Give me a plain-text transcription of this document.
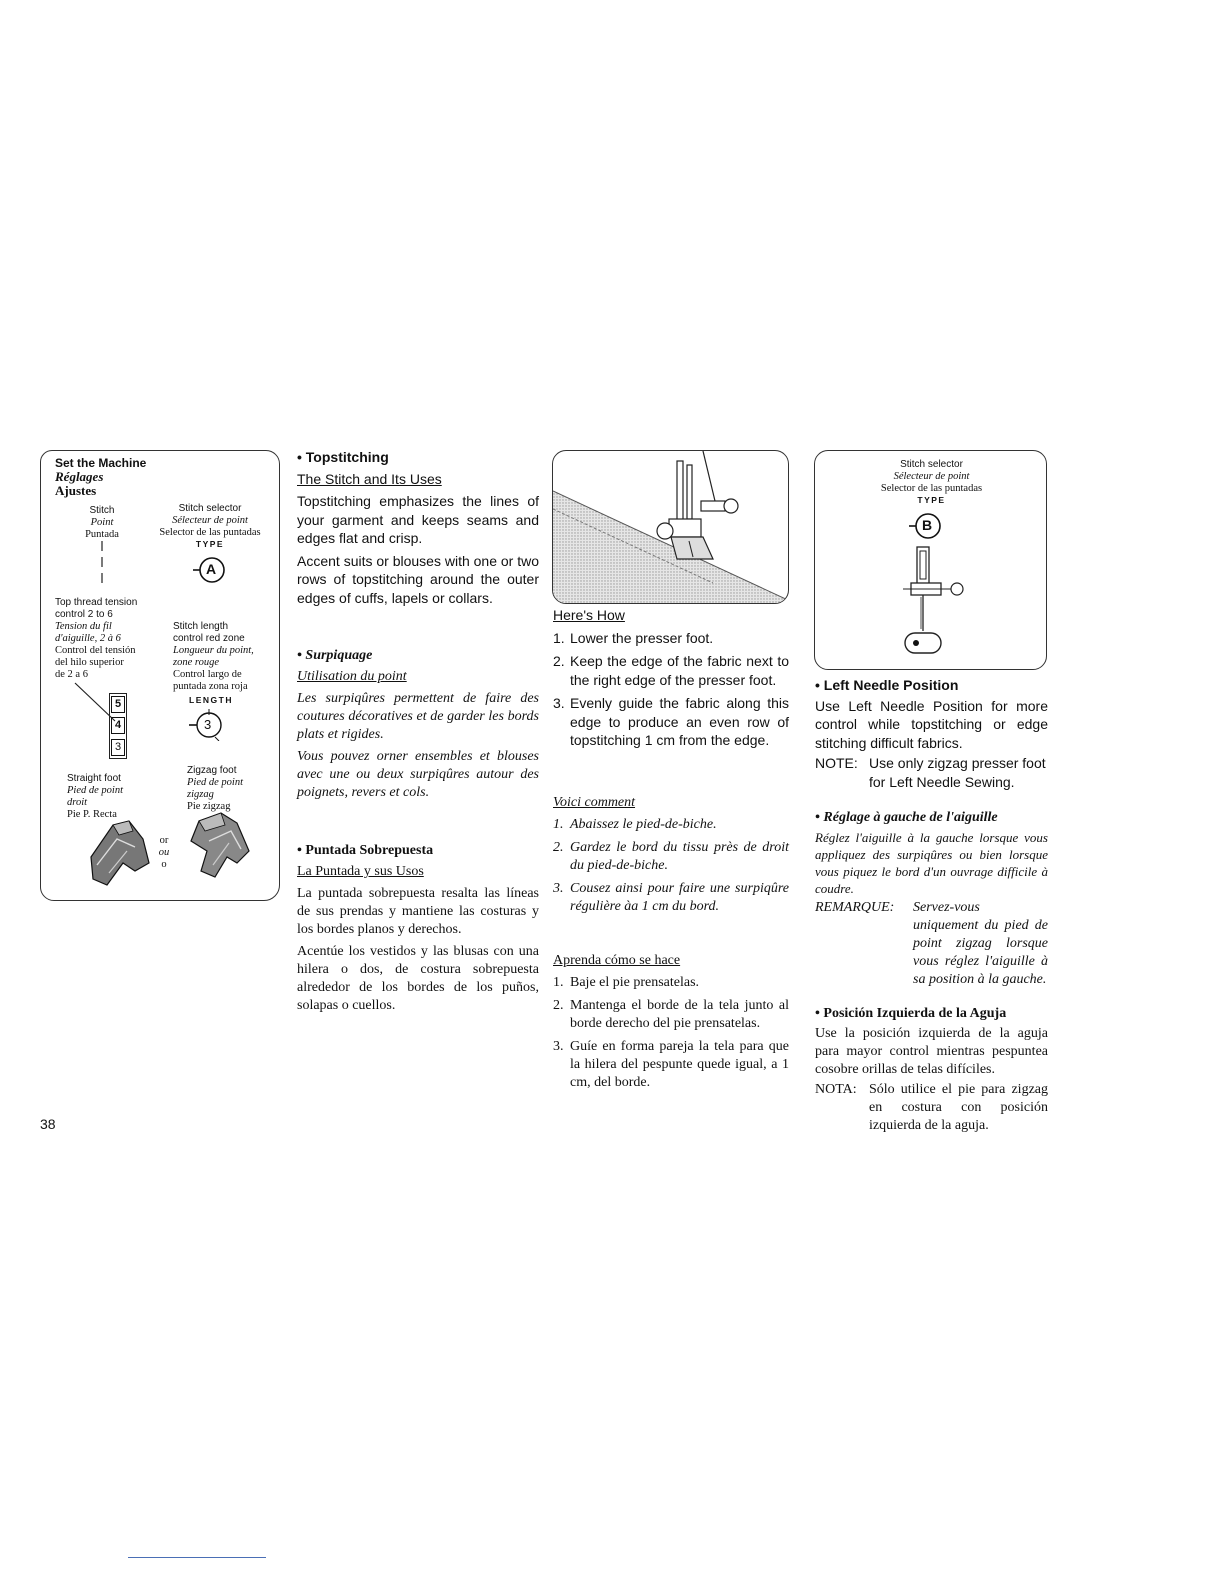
Set the Machine
Réglages
Ajustes
Stitch
Point
Puntada
Stitch selector
Sélecteur de point
Selector de las puntadas
TYPE
A
Top thread tension
control 2 to 6
Tension du fil
d'aiguille, 2 à 6
Control del tensión
del hilo superior
de 2 a 6
5
4
3
Stitch length
control red zone
Longueur du point,
zone rouge
Control largo de
puntada zona roja
LENGTH
3
Straight foot
Pied de point
droit
Pie P. Recta
Zigzag foot
Pied de point
zigzag
Pie zigzag
or
ou
o
• Topstitching
The Stitch and Its Uses

Topstitching emphasizes the lines of your garment and keeps seams and edges flat and crisp.

Accent suits or blouses with one or two rows of topstitching around the outer edges of cuffs, lapels or collars.

• Surpiquage
Utilisation du point

Les surpiqûres permettent de faire des coutures décoratives et de garder les bords plats et rigides.

Vous pouvez orner ensembles et blouses avec une ou deux surpiqûres autour des poignets, revers et cols.

• Puntada Sobrepuesta
La Puntada y sus Usos

La puntada sobrepuesta resalta las líneas de sus prendas y mantiene las costuras y los bordes planos y derechos.

Acentúe los vestidos y las blusas con una hilera o dos, de costura sobrepuesta alrededor de los bordes de los puños, solapas o cuellos.

Here's How
1. Lower the presser foot.
2. Keep the edge of the fabric next to the right edge of the presser foot.
3. Evenly guide the fabric along this edge to produce an even row of topstitching 1 cm from the edge.
Voici comment
1. Abaissez le pied-de-biche.
2. Gardez le bord du tissu près de droit du pied-de-biche.
3. Cousez ainsi pour faire une surpiqûre régulière àa 1 cm du bord.
Aprenda cómo se hace
1. Baje el pie prensatelas.
2. Mantenga el borde de la tela junto al borde derecho del pie prensatelas.
3. Guíe en forma pareja la tela para que la hilera del pespunte quede igual, a 1 cm, del borde.
Stitch selector
Sélecteur de point
Selector de las puntadas
TYPE
B
• Left Needle Position

Use Left Needle Position for more control while topstitching or edge stitching difficult fabrics.

NOTE: Use only zigzag presser foot for Left Needle Sewing.
• Réglage à gauche de l'aiguille

Réglez l'aiguille à la gauche lorsque vous appliquez des surpiqûres ou bien lorsque vous piquez le bord d'un ouvrage difficile à coudre.

REMARQUE:	Servez-vous uniquement du pied de point zigzag lorsque vous réglez l'aiguille à sa position à la gauche.
• Posición Izquierda de la Aguja

Use la posición izquierda de la aguja para mayor control mientras pespuntea cosobre orillas de telas difíciles.

NOTA: Sólo utilice el pie para zigzag en costura con posición izquierda de la aguja.
38
